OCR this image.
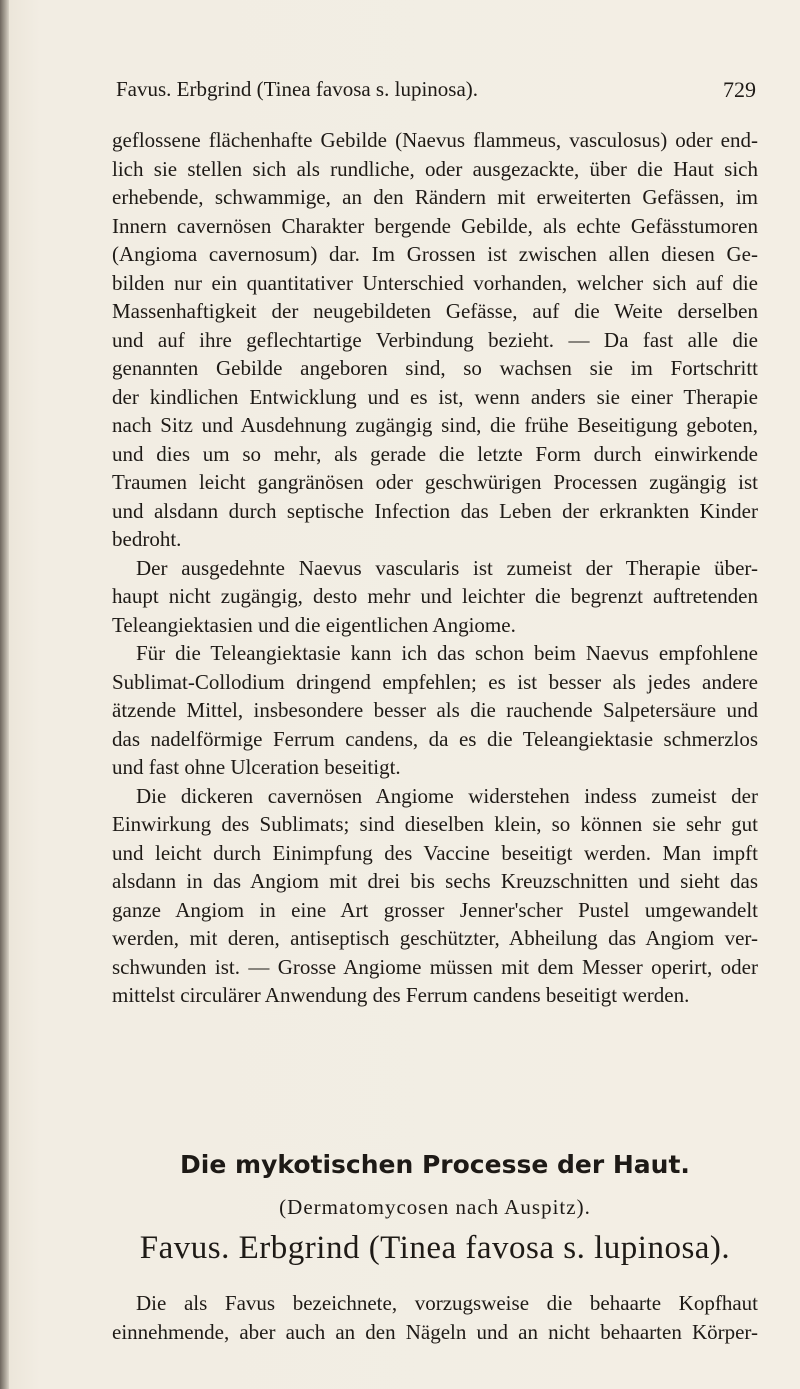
Favus. Erbgrind (Tinea favosa s. lupinosa).	729

geflossene flächenhafte Gebilde (Naevus flammeus, vasculosus) oder end-
lich sie stellen sich als rundliche, oder ausgezackte, über die Haut sich
erhebende, schwammige, an den Rändern mit erweiterten Gefässen, im
Innern cavernösen Charakter bergende Gebilde, als echte Gefässtumoren
(Angioma cavernosum) dar. Im Grossen ist zwischen allen diesen Ge-
bilden nur ein quantitativer Unterschied vorhanden, welcher sich auf die
Massenhaftigkeit der neugebildeten Gefässe, auf die Weite derselben
und auf ihre geflechtartige Verbindung bezieht. — Da fast alle die
genannten Gebilde angeboren sind, so wachsen sie im Fortschritt
der kindlichen Entwicklung und es ist, wenn anders sie einer Therapie
nach Sitz und Ausdehnung zugängig sind, die frühe Beseitigung geboten,
und dies um so mehr, als gerade die letzte Form durch einwirkende
Traumen leicht gangränösen oder geschwürigen Processen zugängig ist
und alsdann durch septische Infection das Leben der erkrankten Kinder
bedroht.

Der ausgedehnte Naevus vascularis ist zumeist der Therapie über-
haupt nicht zugängig, desto mehr und leichter die begrenzt auftretenden
Teleangiektasien und die eigentlichen Angiome.

Für die Teleangiektasie kann ich das schon beim Naevus empfohlene
Sublimat-Collodium dringend empfehlen; es ist besser als jedes andere
ätzende Mittel, insbesondere besser als die rauchende Salpetersäure und
das nadelförmige Ferrum candens, da es die Teleangiektasie schmerzlos
und fast ohne Ulceration beseitigt.

Die dickeren cavernösen Angiome widerstehen indess zumeist der
Einwirkung des Sublimats; sind dieselben klein, so können sie sehr gut
und leicht durch Einimpfung des Vaccine beseitigt werden. Man impft
alsdann in das Angiom mit drei bis sechs Kreuzschnitten und sieht das
ganze Angiom in eine Art grosser Jenner'scher Pustel umgewandelt
werden, mit deren, antiseptisch geschützter, Abheilung das Angiom ver-
schwunden ist. — Grosse Angiome müssen mit dem Messer operirt, oder
mittelst circulärer Anwendung des Ferrum candens beseitigt werden.

Die mykotischen Processe der Haut.
(Dermatomycosen nach Auspitz).
Favus. Erbgrind (Tinea favosa s. lupinosa).
Die als Favus bezeichnete, vorzugsweise die behaarte Kopfhaut
einnehmende, aber auch an den Nägeln und an nicht behaarten Körper-
